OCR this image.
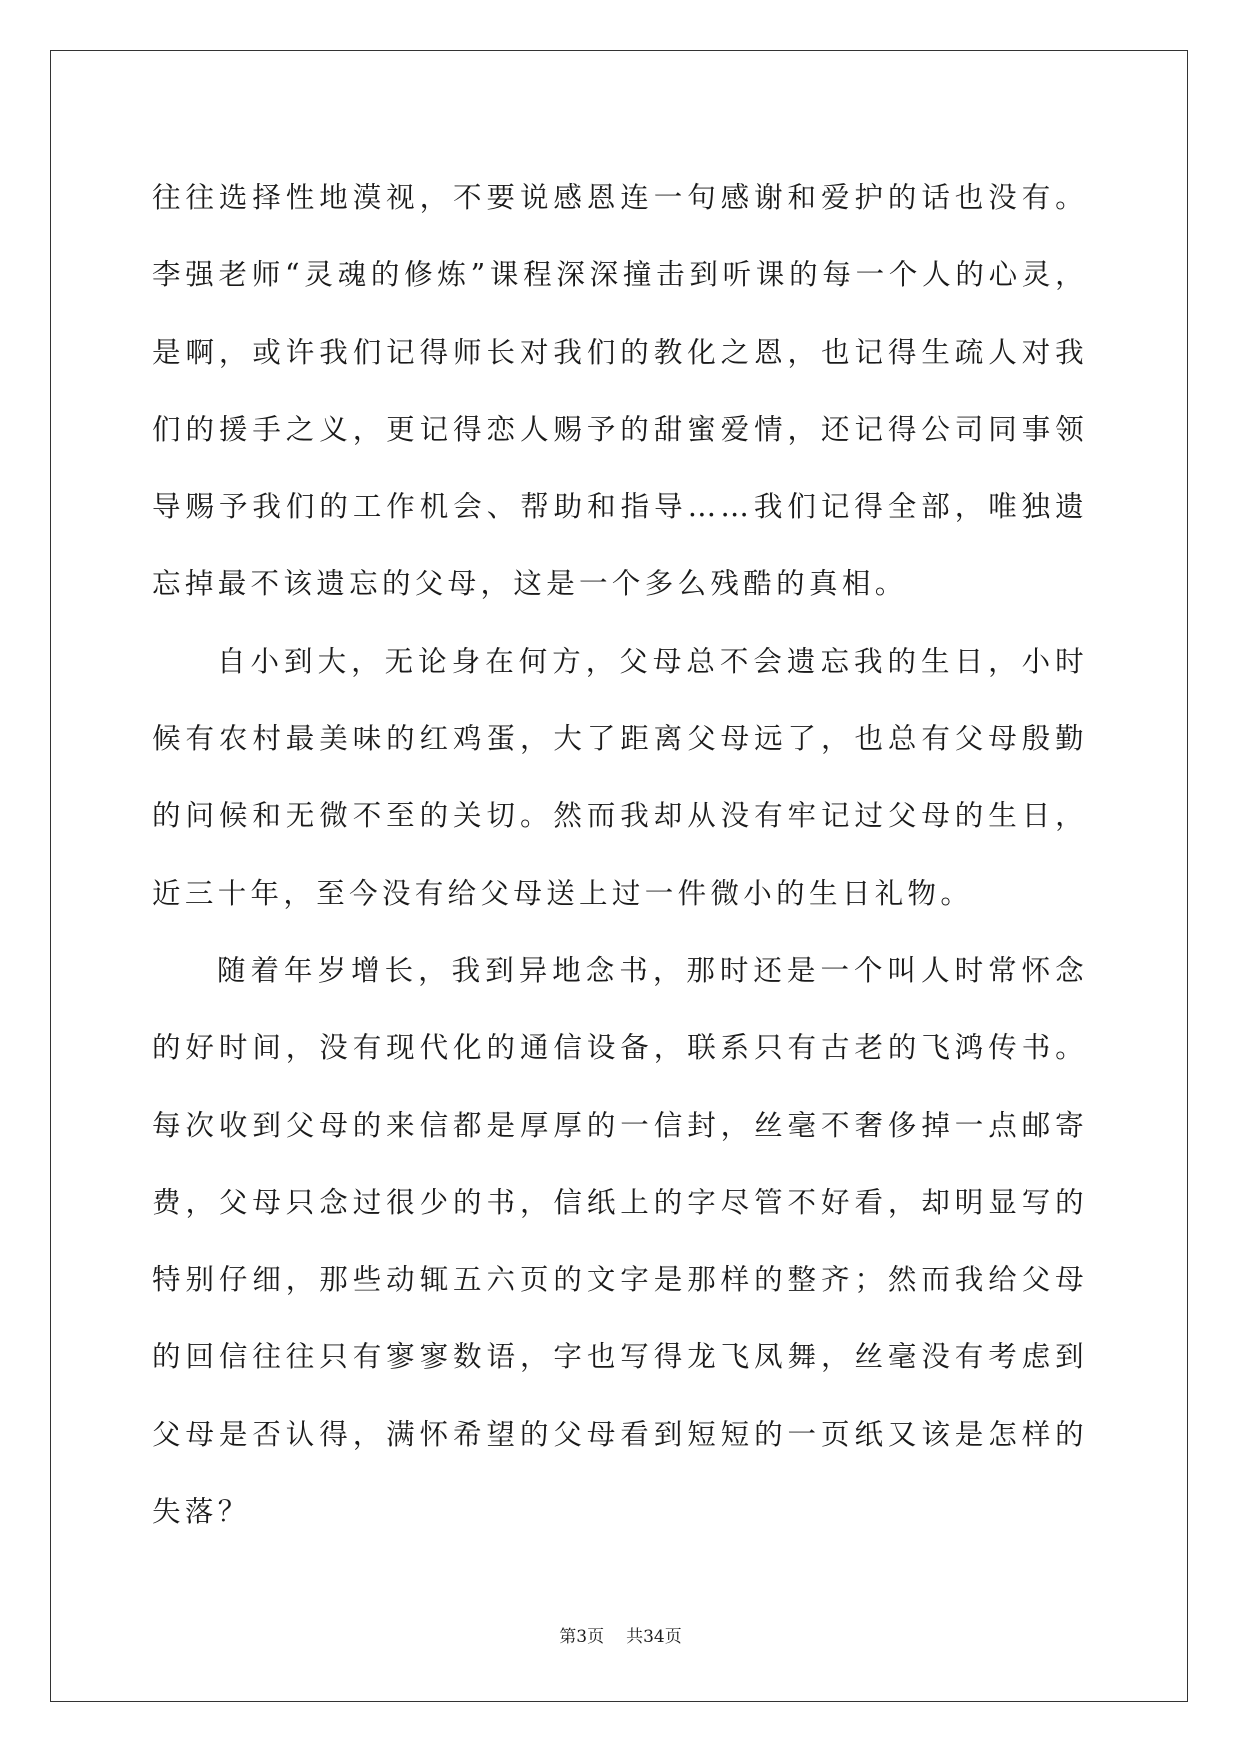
往往选择性地漠视，不要说感恩连一句感谢和爱护的话也没有。李强老师“灵魂的修炼”课程深深撞击到听课的每一个人的心灵，是啊，或许我们记得师长对我们的教化之恩，也记得生疏人对我们的援手之义，更记得恋人赐予的甜蜜爱情，还记得公司同事领导赐予我们的工作机会、帮助和指导……我们记得全部，唯独遗忘掉最不该遗忘的父母，这是一个多么残酷的真相。

自小到大，无论身在何方，父母总不会遗忘我的生日，小时候有农村最美味的红鸡蛋，大了距离父母远了，也总有父母殷勤的问候和无微不至的关切。然而我却从没有牢记过父母的生日，近三十年，至今没有给父母送上过一件微小的生日礼物。

随着年岁增长，我到异地念书，那时还是一个叫人时常怀念的好时间，没有现代化的通信设备，联系只有古老的飞鸿传书。每次收到父母的来信都是厚厚的一信封，丝毫不奢侈掉一点邮寄费，父母只念过很少的书，信纸上的字尽管不好看，却明显写的特别仔细，那些动辄五六页的文字是那样的整齐；然而我给父母的回信往往只有寥寥数语，字也写得龙飞凤舞，丝毫没有考虑到父母是否认得，满怀希望的父母看到短短的一页纸又该是怎样的失落？

第3页 共34页
